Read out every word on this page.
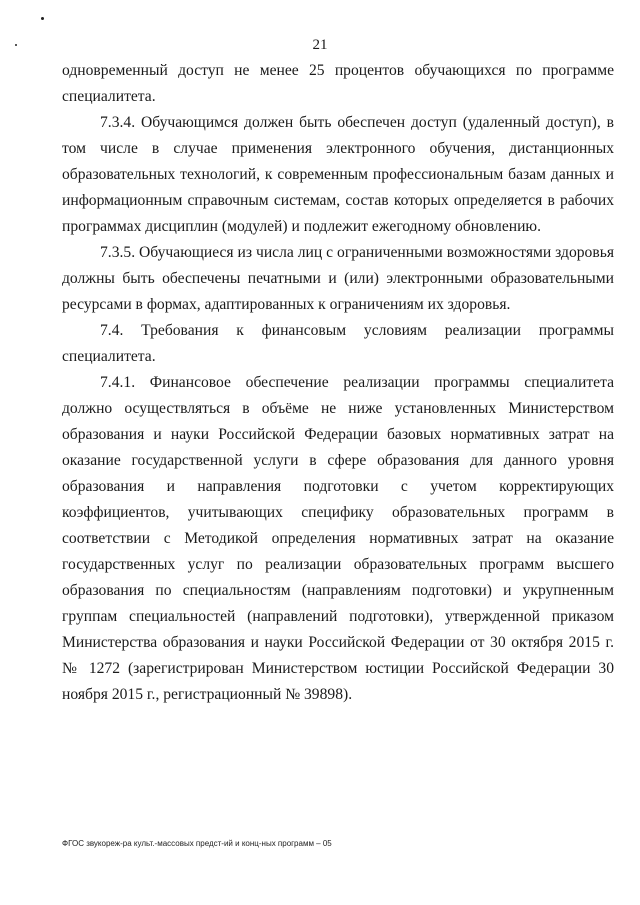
21

одновременный доступ не менее 25 процентов обучающихся по программе специалитета.

7.3.4. Обучающимся должен быть обеспечен доступ (удаленный доступ), в том числе в случае применения электронного обучения, дистанционных образовательных технологий, к современным профессиональным базам данных и информационным справочным системам, состав которых определяется в рабочих программах дисциплин (модулей) и подлежит ежегодному обновлению.

7.3.5. Обучающиеся из числа лиц с ограниченными возможностями здоровья должны быть обеспечены печатными и (или) электронными образовательными ресурсами в формах, адаптированных к ограничениям их здоровья.

7.4. Требования к финансовым условиям реализации программы специалитета.

7.4.1. Финансовое обеспечение реализации программы специалитета должно осуществляться в объёме не ниже установленных Министерством образования и науки Российской Федерации базовых нормативных затрат на оказание государственной услуги в сфере образования для данного уровня образования и направления подготовки с учетом корректирующих коэффициентов, учитывающих специфику образовательных программ в соответствии с Методикой определения нормативных затрат на оказание государственных услуг по реализации образовательных программ высшего образования по специальностям (направлениям подготовки) и укрупненным группам специальностей (направлений подготовки), утвержденной приказом Министерства образования и науки Российской Федерации от 30 октября 2015 г. № 1272 (зарегистрирован Министерством юстиции Российской Федерации 30 ноября 2015 г., регистрационный № 39898).

ФГОС звукореж-ра культ.-массовых предст-ий и конц-ных программ – 05
